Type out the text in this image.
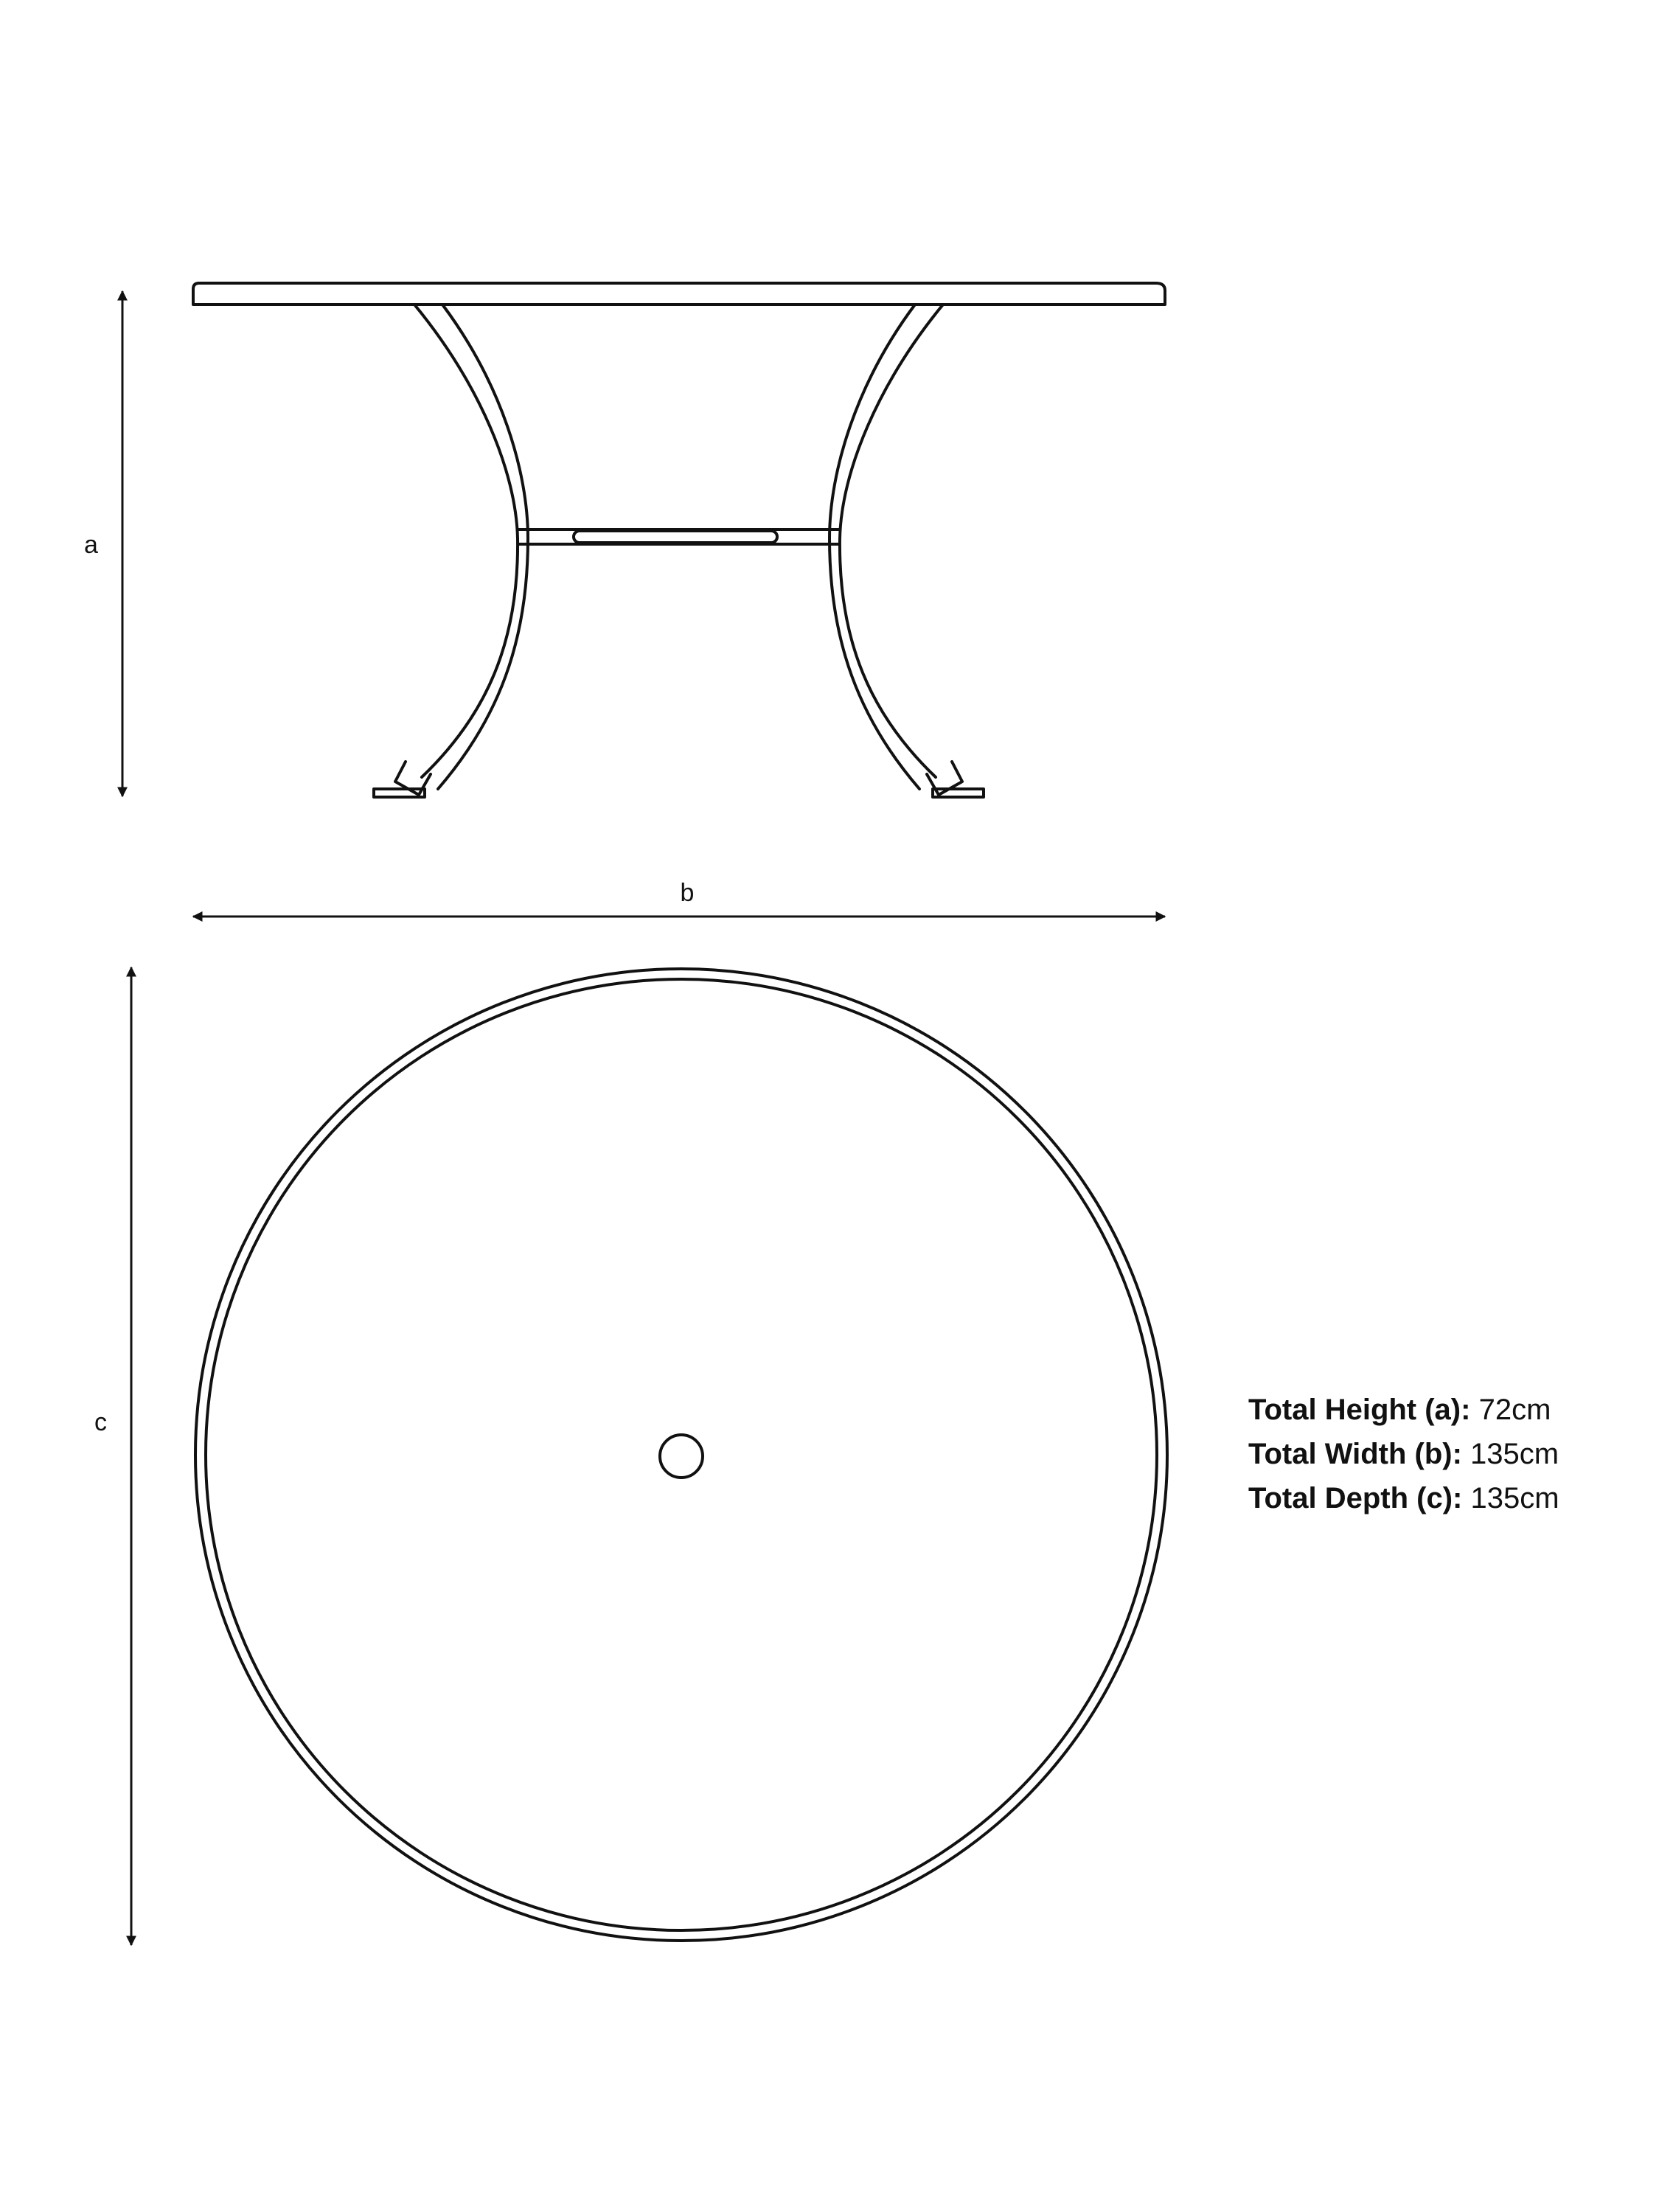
a
b
c	Total Height (a): 72cm
Total Width (b): 135cm
Total Depth (c): 135cm
